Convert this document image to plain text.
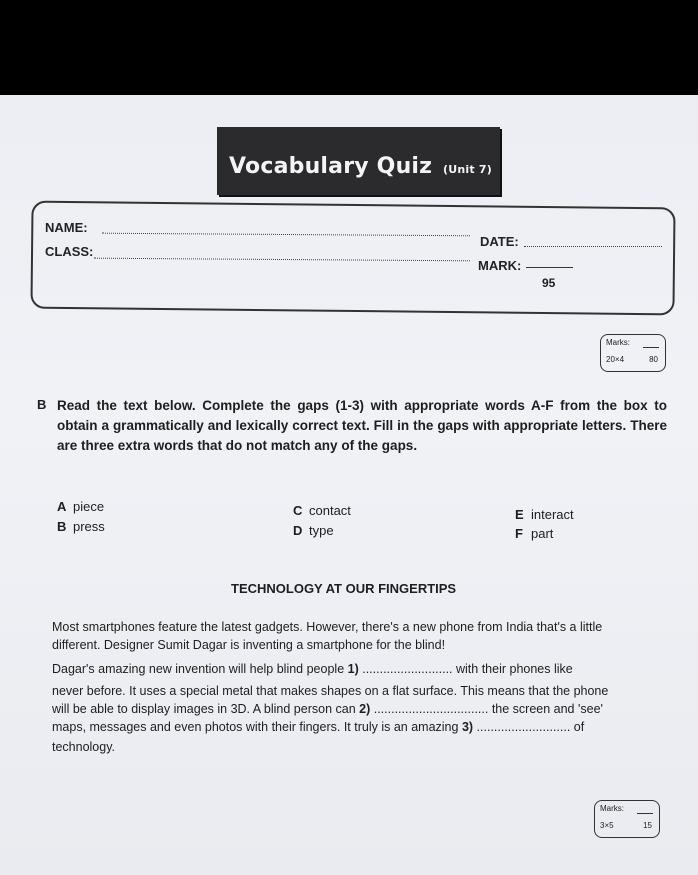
Vocabulary Quiz (Unit 7)
NAME:
CLASS:
DATE:
MARK:
95
Marks:
20×4	80
B Read the text below. Complete the gaps (1-3) with appropriate words A-F from the box to obtain a grammatically and lexically correct text. Fill in the gaps with appropriate letters. There are three extra words that do not match any of the gaps.
A piece
B press
C contact
D type
E interact
F part
TECHNOLOGY AT OUR FINGERTIPS
Most smartphones feature the latest gadgets. However, there's a new phone from India that's a little
different. Designer Sumit Dagar is inventing a smartphone for the blind!
Dagar's amazing new invention will help blind people 1) .......................... with their phones like
never before. It uses a special metal that makes shapes on a flat surface. This means that the phone
will be able to display images in 3D. A blind person can 2) ................................. the screen and 'see'
maps, messages and even photos with their fingers. It truly is an amazing 3) ........................... of
technology.
Marks:
3×5	15
